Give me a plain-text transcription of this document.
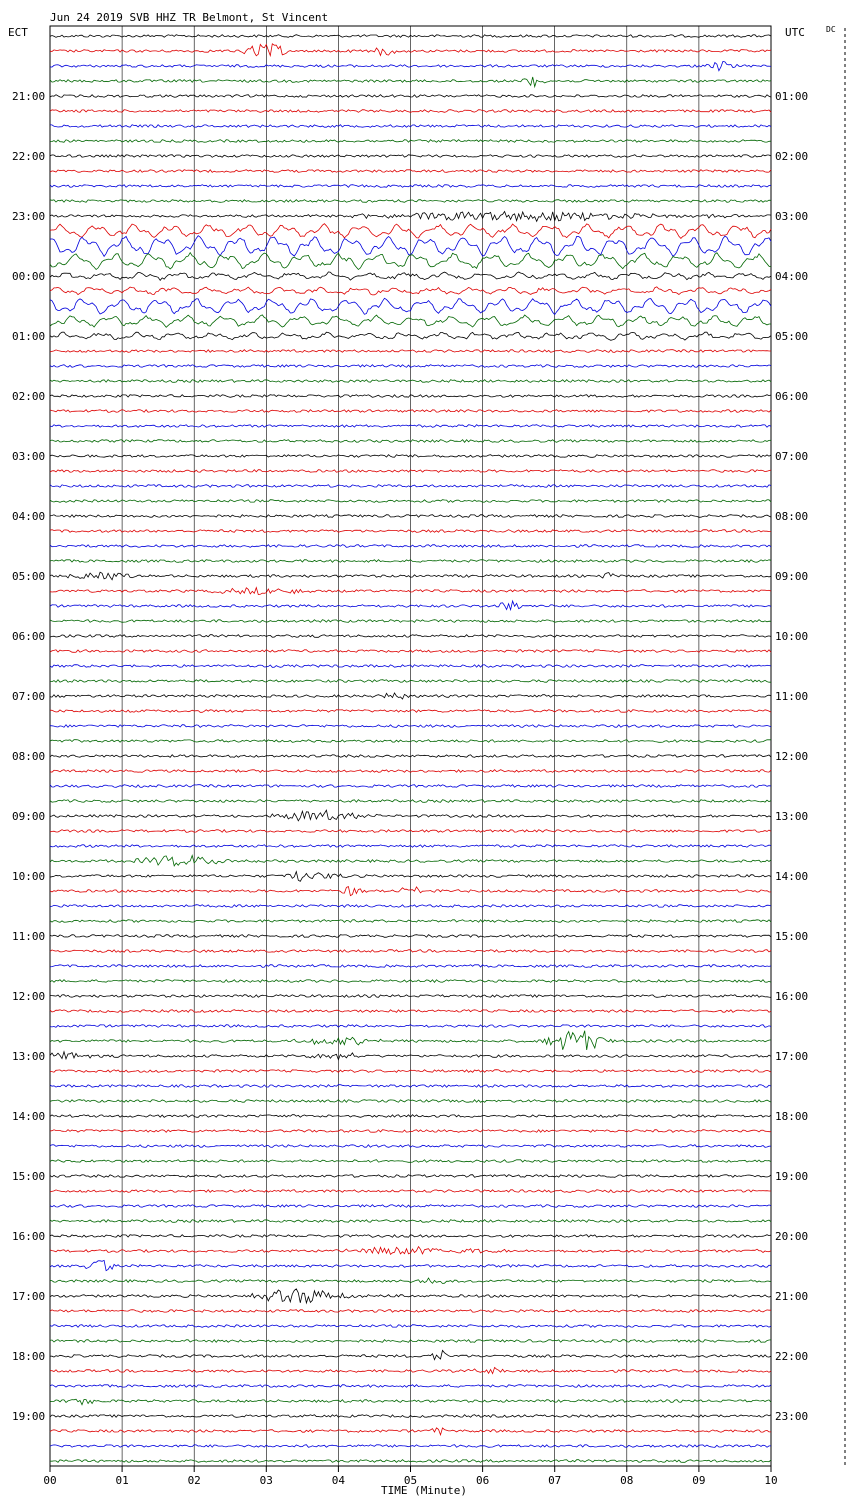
Jun 24 2019 SVB HHZ TR Belmont, St Vincent
ECT	UTC	DC
21:00
22:00
23:00
00:00
01:00
02:00
03:00
04:00
05:00
06:00
07:00
08:00
09:00
10:00
11:00
12:00
13:00
14:00
15:00
16:00
17:00
18:00
19:00
01:00
02:00
03:00
04:00
05:00
06:00
07:00
08:00
09:00
10:00
11:00
12:00
13:00
14:00
15:00
16:00
17:00
18:00
19:00
20:00
21:00
22:00
23:00
00	01	02	03	04	05	06	07	08	09	10
TIME (Minute)
